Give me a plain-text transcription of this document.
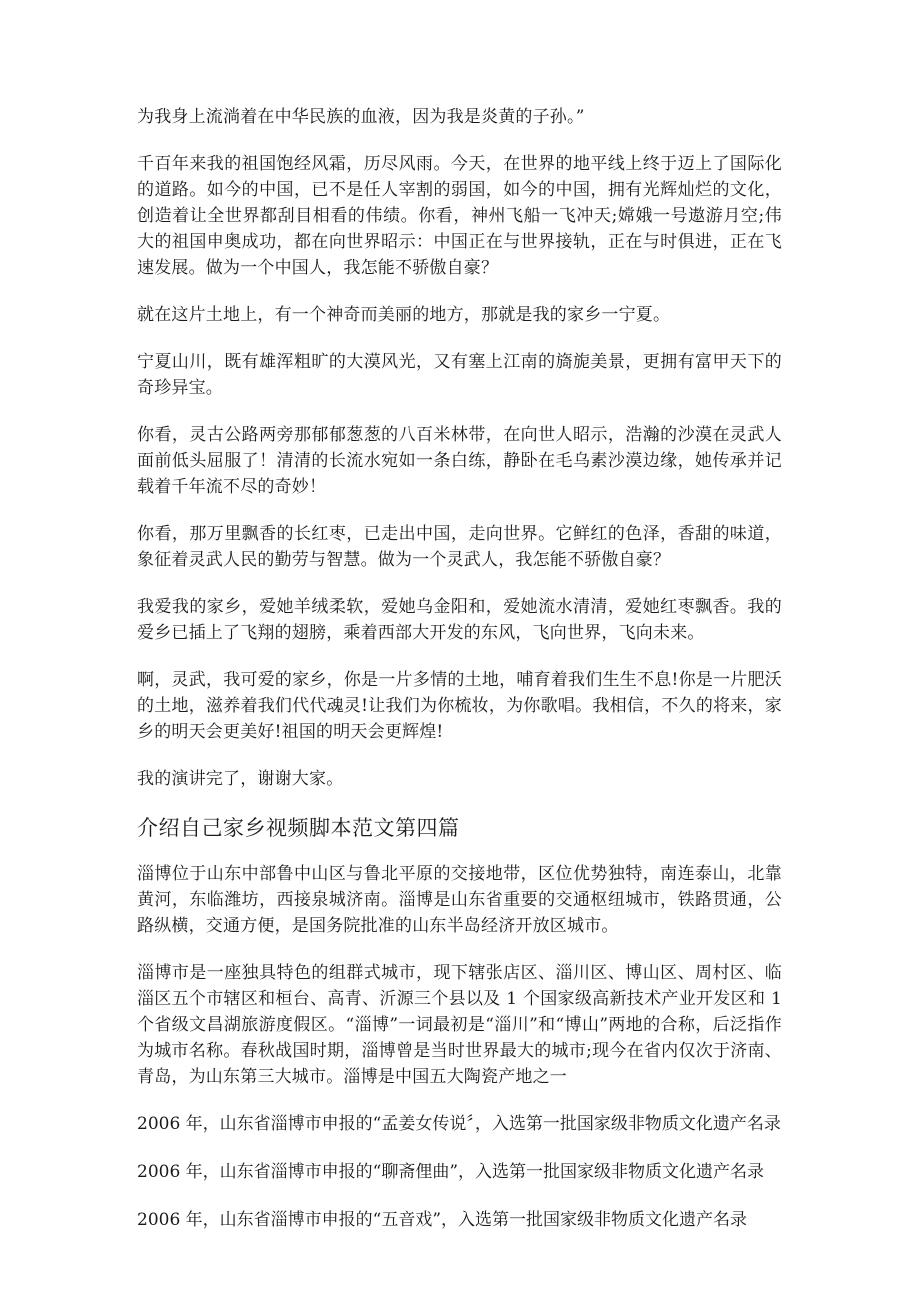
为我身上流淌着在中华民族的血液，因为我是炎黄的子孙。”

千百年来我的祖国饱经风霜，历尽风雨。今天，在世界的地平线上终于迈上了国际化的道路。如今的中国，已不是任人宰割的弱国，如今的中国，拥有光辉灿烂的文化，创造着让全世界都刮目相看的伟绩。你看，神州飞船一飞冲天;嫦娥一号遨游月空;伟大的祖国申奥成功，都在向世界昭示：中国正在与世界接轨，正在与时俱进，正在飞速发展。做为一个中国人，我怎能不骄傲自豪？

就在这片土地上，有一个神奇而美丽的地方，那就是我的家乡一宁夏。

宁夏山川，既有雄浑粗旷的大漠风光，又有塞上江南的旖旎美景，更拥有富甲天下的奇珍异宝。

你看，灵古公路两旁那郁郁葱葱的八百米林带，在向世人昭示，浩瀚的沙漠在灵武人面前低头屈服了！清清的长流水宛如一条白练，静卧在毛乌素沙漠边缘，她传承并记载着千年流不尽的奇妙！

你看，那万里飘香的长红枣，已走出中国，走向世界。它鲜红的色泽，香甜的味道，象征着灵武人民的勤劳与智慧。做为一个灵武人，我怎能不骄傲自豪？

我爱我的家乡，爱她羊绒柔软，爱她乌金阳和，爱她流水清清，爱她红枣飘香。我的爱乡已插上了飞翔的翅膀，乘着西部大开发的东风，飞向世界，飞向未来。

啊，灵武，我可爱的家乡，你是一片多情的土地，哺育着我们生生不息!你是一片肥沃的土地，滋养着我们代代魂灵!让我们为你梳妆，为你歌唱。我相信，不久的将来，家乡的明天会更美好!祖国的明天会更辉煌!

我的演讲完了，谢谢大家。

介绍自己家乡视频脚本范文第四篇

淄博位于山东中部鲁中山区与鲁北平原的交接地带，区位优势独特，南连泰山，北靠黄河，东临潍坊，西接泉城济南。淄博是山东省重要的交通枢纽城市，铁路贯通，公路纵横，交通方便，是国务院批准的山东半岛经济开放区城市。

淄博市是一座独具特色的组群式城市，现下辖张店区、淄川区、博山区、周村区、临淄区五个市辖区和桓台、高青、沂源三个县以及 1 个国家级高新技术产业开发区和 1 个省级文昌湖旅游度假区。“淄博”一词最初是“淄川”和“博山”两地的合称，后泛指作为城市名称。春秋战国时期，淄博曾是当时世界最大的城市;现今在省内仅次于济南、青岛，为山东第三大城市。淄博是中国五大陶瓷产地之一

2006 年，山东省淄博市申报的“孟姜女传说〞，入选第一批国家级非物质文化遗产名录

2006 年，山东省淄博市申报的“聊斋俚曲”，入选第一批国家级非物质文化遗产名录

2006 年，山东省淄博市申报的“五音戏”，入选第一批国家级非物质文化遗产名录
